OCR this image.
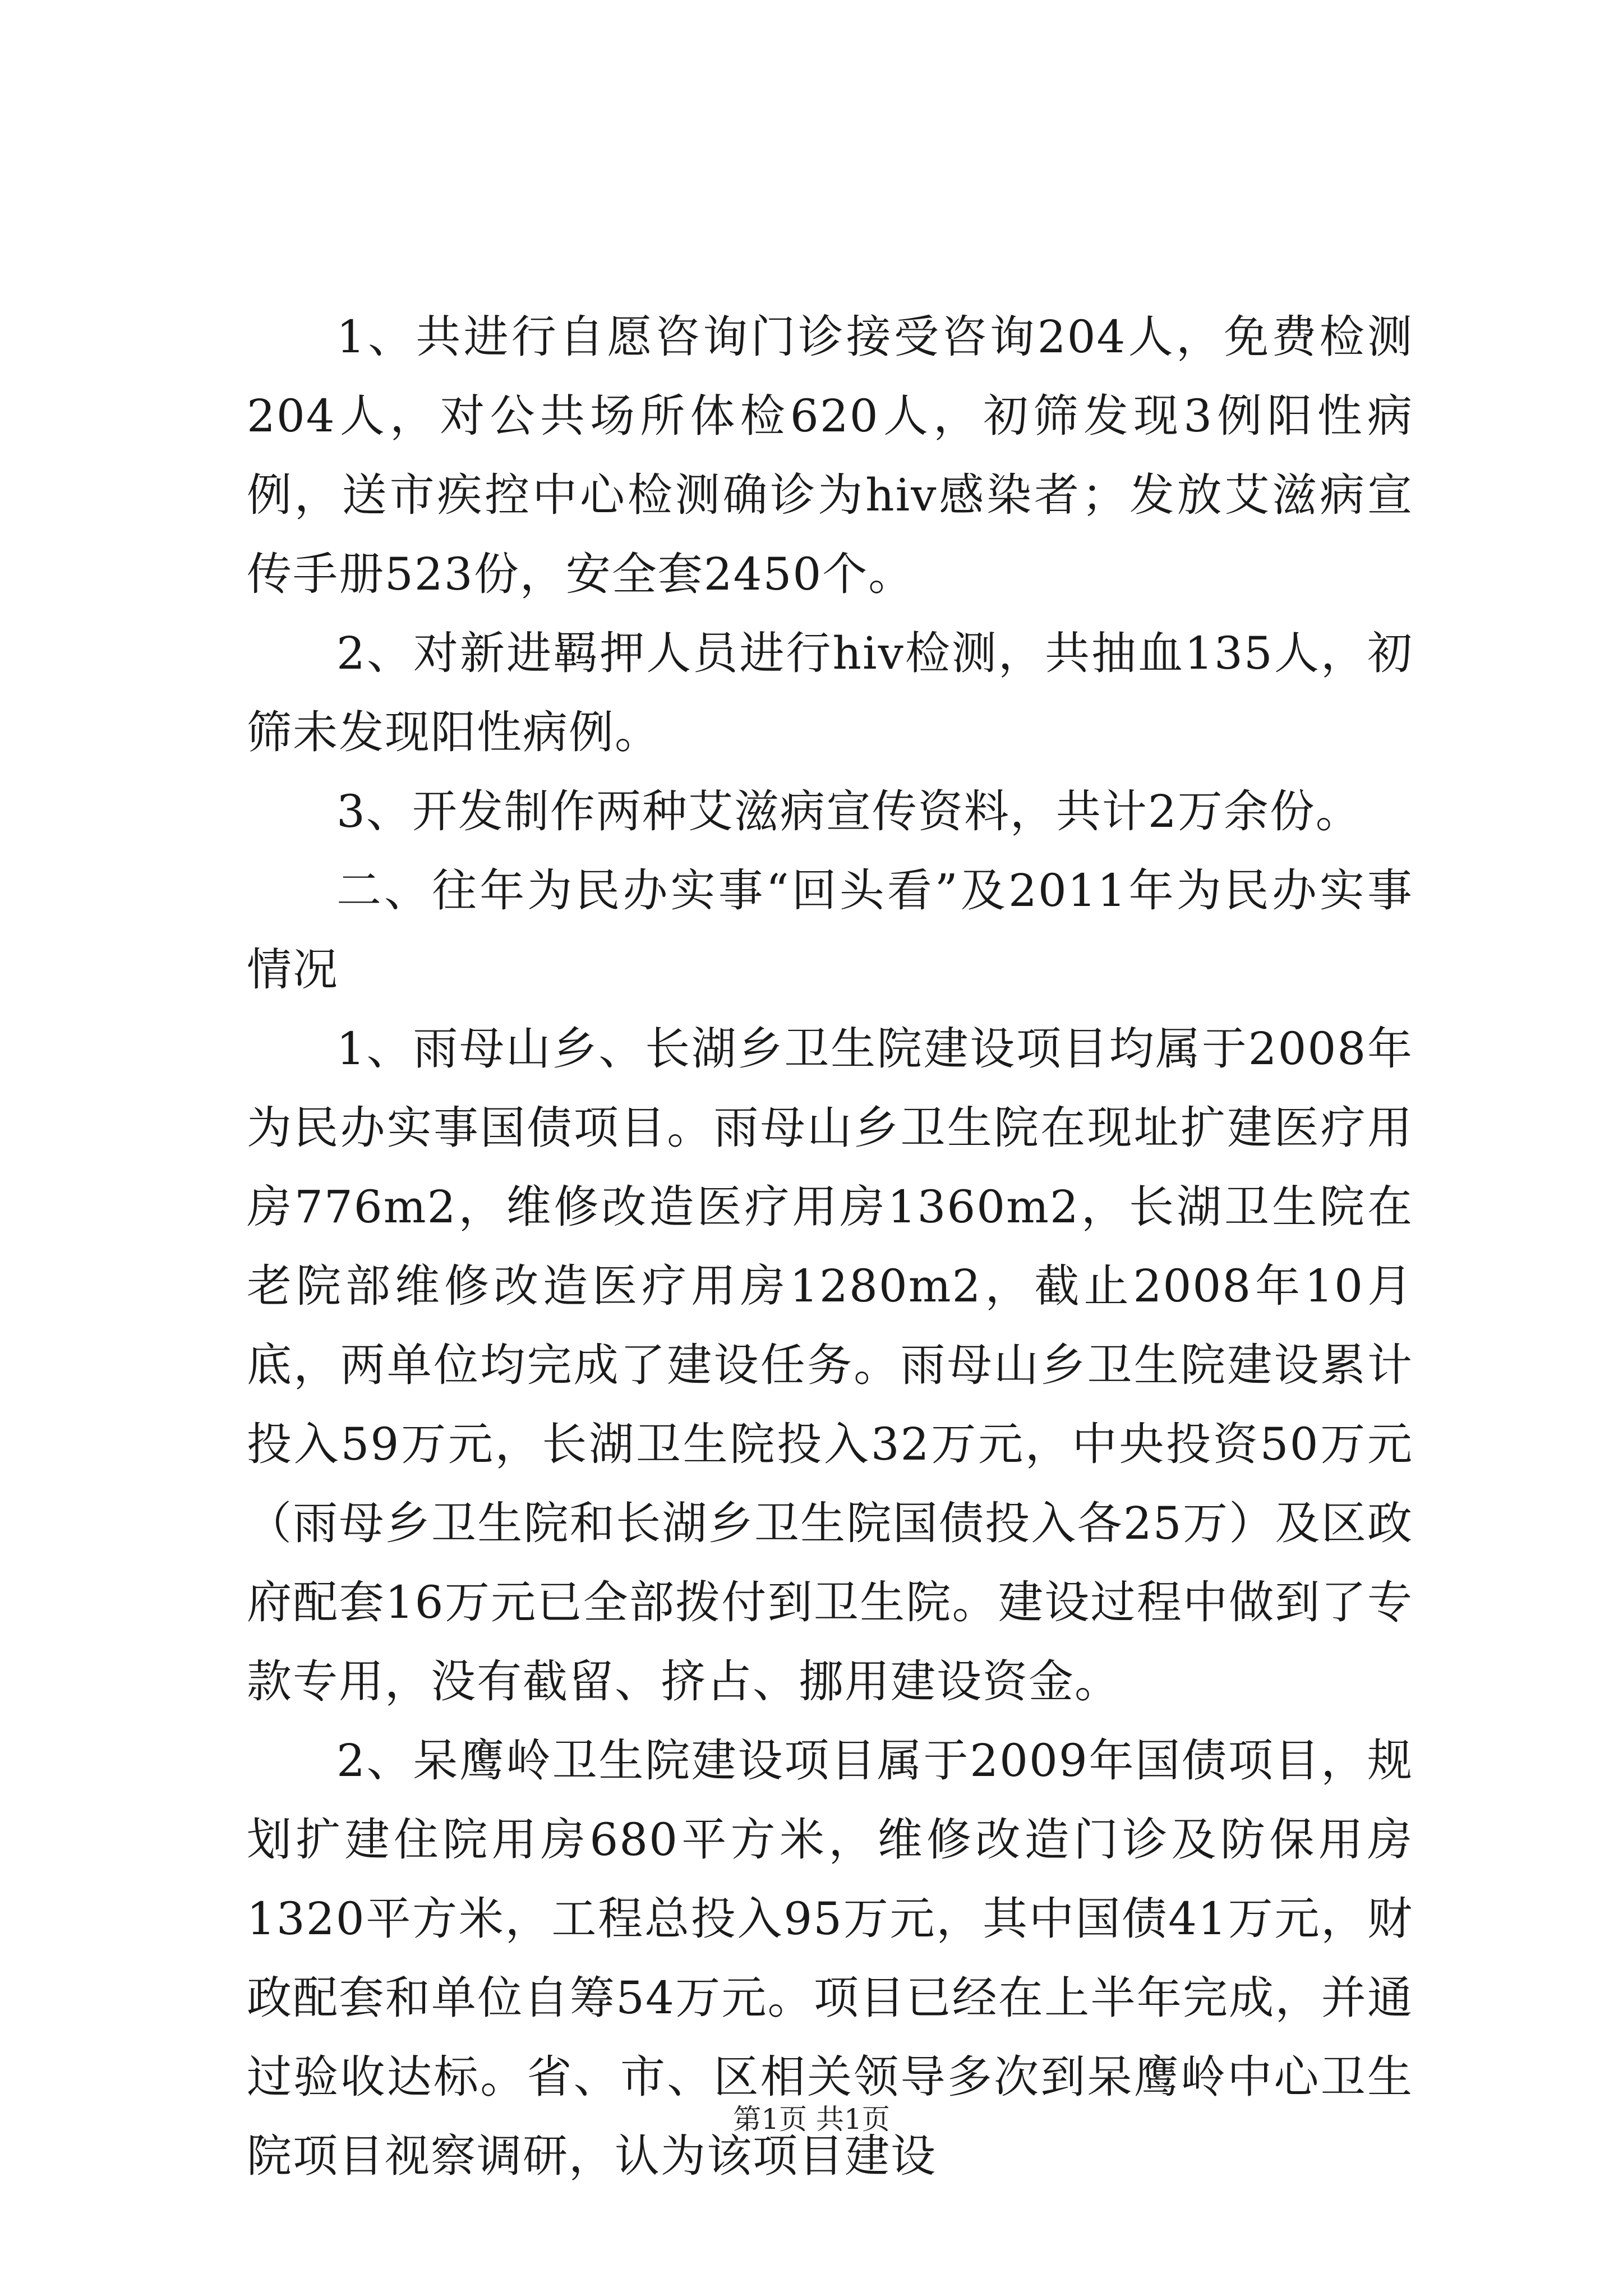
1、共进行自愿咨询门诊接受咨询204人，免费检测204人，对公共场所体检620人，初筛发现3例阳性病例，送市疾控中心检测确诊为hiv感染者；发放艾滋病宣传手册523份，安全套2450个。

2、对新进羁押人员进行hiv检测，共抽血135人，初筛未发现阳性病例。

3、开发制作两种艾滋病宣传资料，共计2万余份。

二、往年为民办实事“回头看”及2011年为民办实事情况

1、雨母山乡、长湖乡卫生院建设项目均属于2008年为民办实事国债项目。雨母山乡卫生院在现址扩建医疗用房776m2，维修改造医疗用房1360m2，长湖卫生院在老院部维修改造医疗用房1280m2，截止2008年10月底，两单位均完成了建设任务。雨母山乡卫生院建设累计投入59万元，长湖卫生院投入32万元，中央投资50万元（雨母乡卫生院和长湖乡卫生院国债投入各25万）及区政府配套16万元已全部拨付到卫生院。建设过程中做到了专款专用，没有截留、挤占、挪用建设资金。

2、呆鹰岭卫生院建设项目属于2009年国债项目，规划扩建住院用房680平方米，维修改造门诊及防保用房1320平方米，工程总投入95万元，其中国债41万元，财政配套和单位自筹54万元。项目已经在上半年完成，并通过验收达标。省、市、区相关领导多次到呆鹰岭中心卫生院项目视察调研，认为该项目建设

第1页 共1页
